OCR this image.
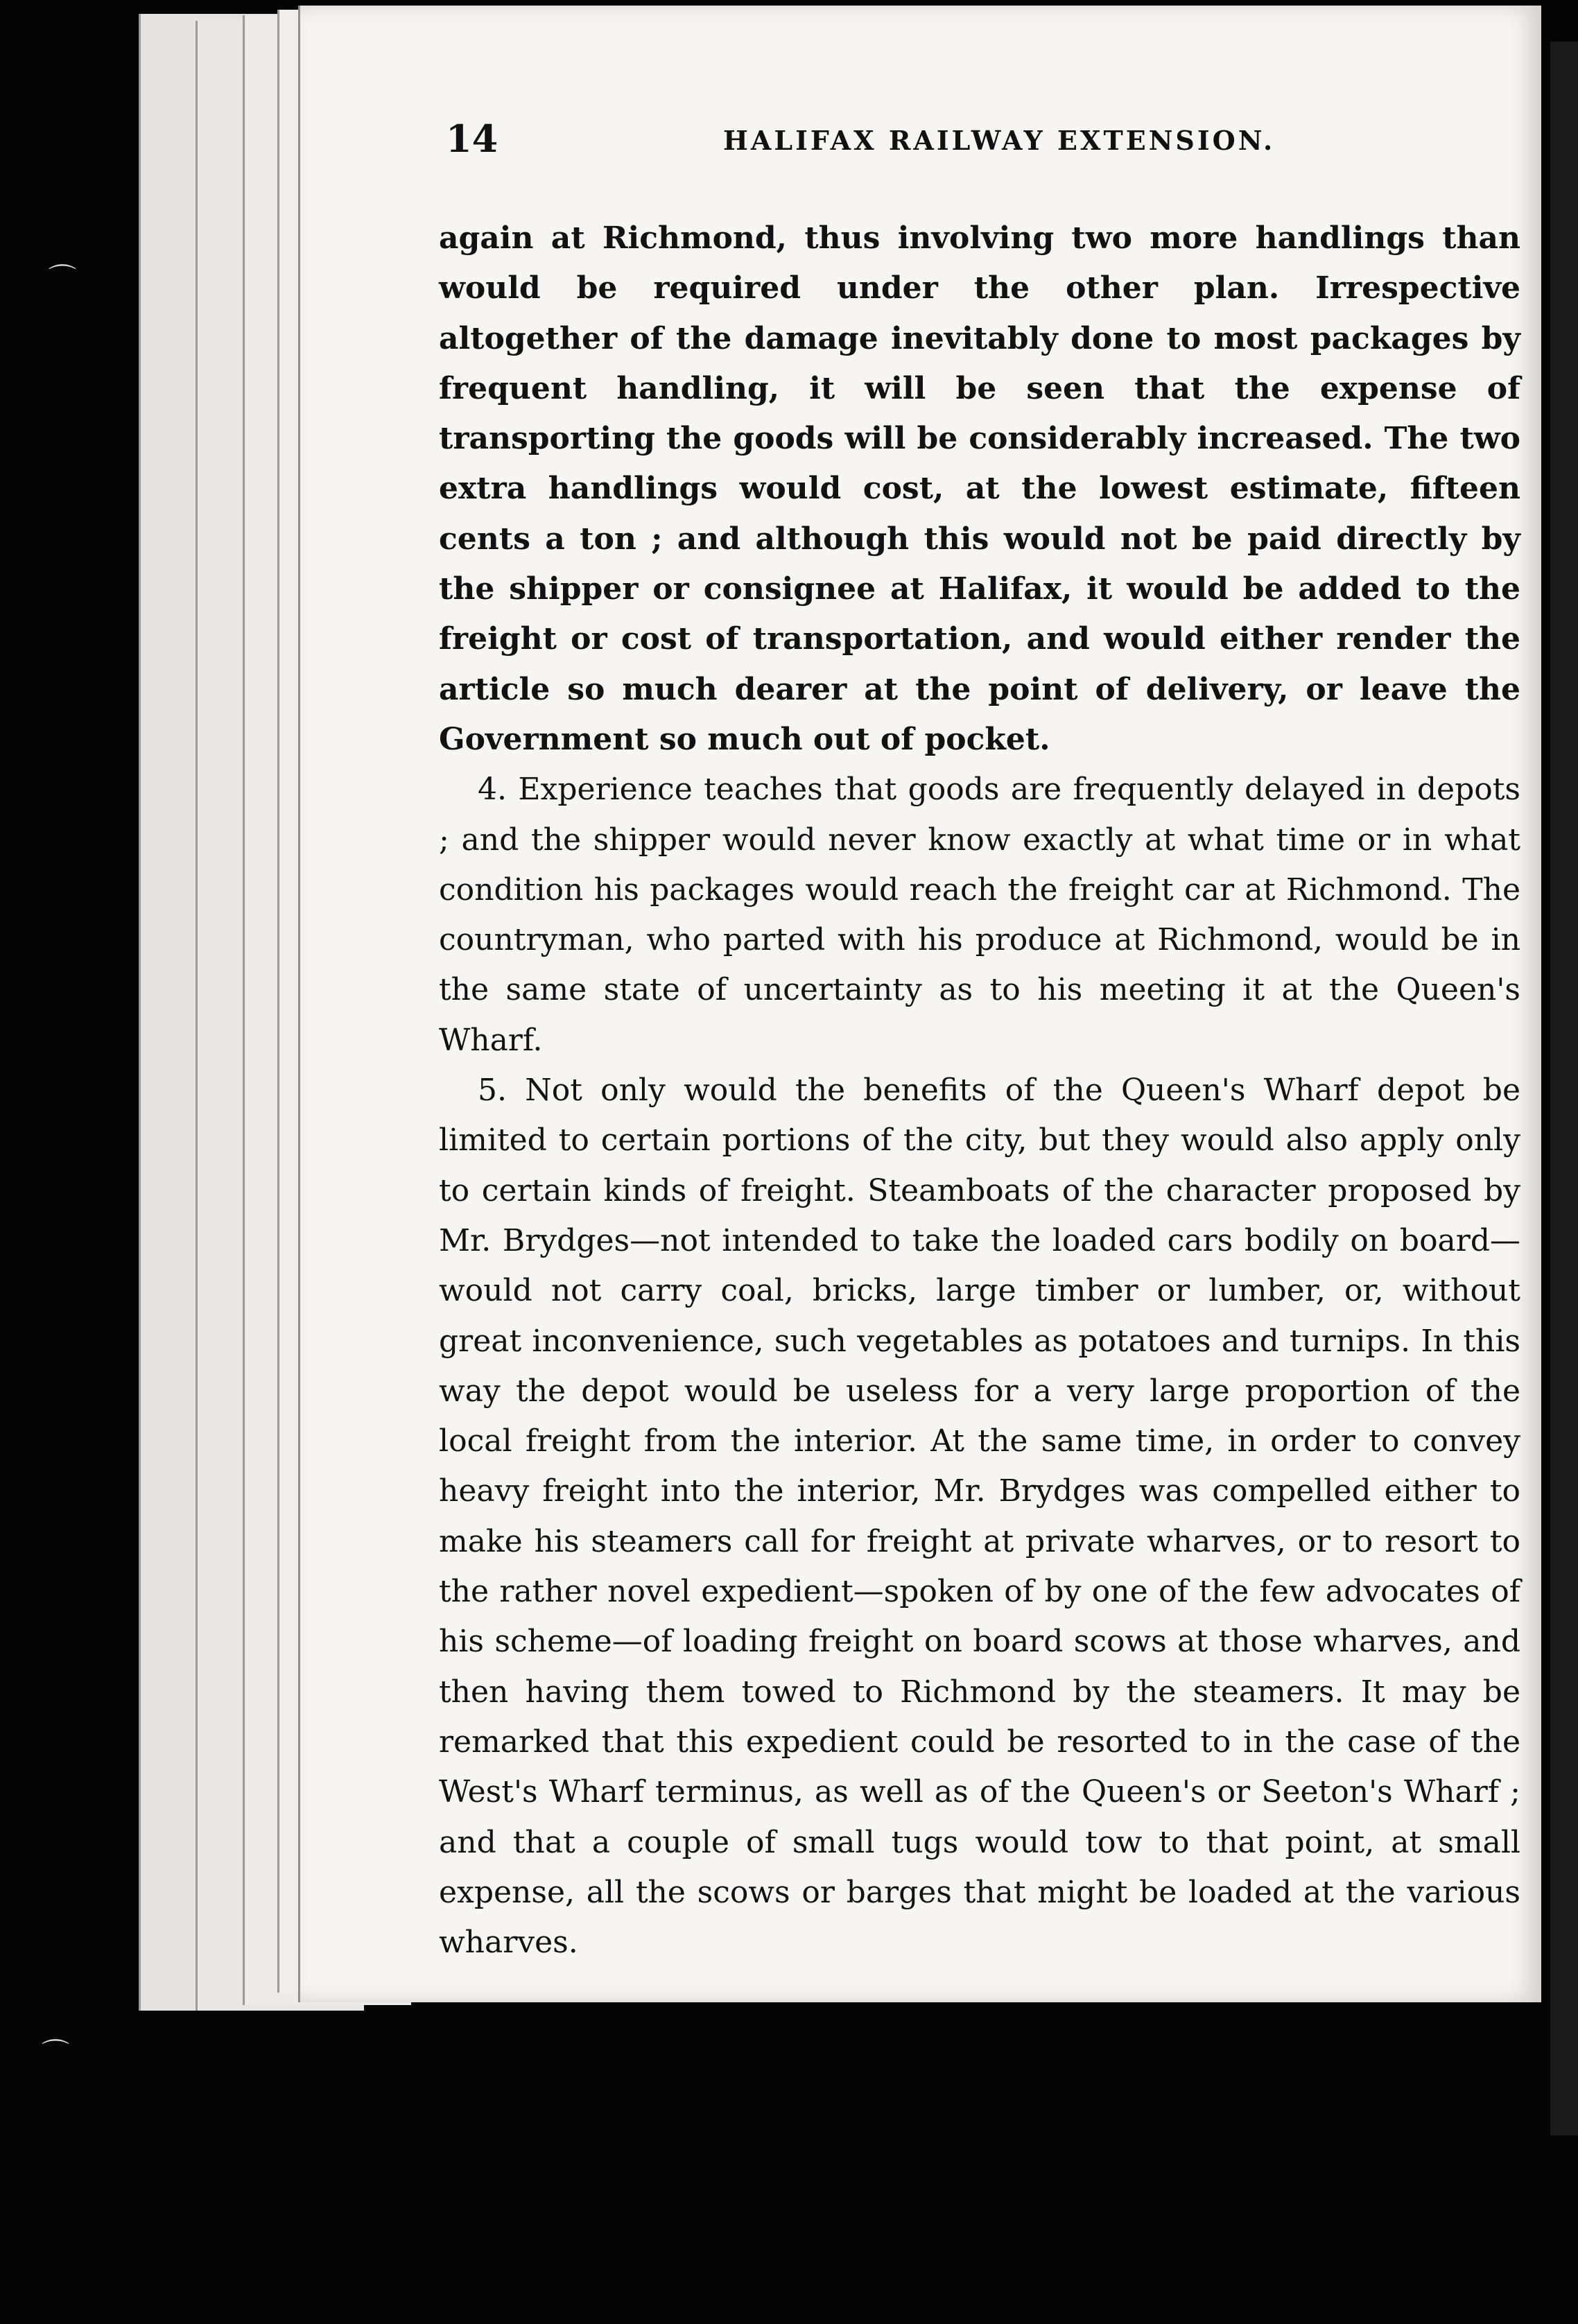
⌒
⌒
14	HALIFAX RAILWAY EXTENSION.

again at Richmond, thus involving two more handlings than would be required under the other plan. Irrespective altogether of the damage inevitably done to most packages by frequent handling, it will be seen that the expense of transporting the goods will be considerably increased. The two extra handlings would cost, at the lowest estimate, fifteen cents a ton ; and although this would not be paid directly by the shipper or consignee at Halifax, it would be added to the freight or cost of transportation, and would either render the article so much dearer at the point of delivery, or leave the Government so much out of pocket.

4. Experience teaches that goods are frequently delayed in depots ; and the shipper would never know exactly at what time or in what condition his packages would reach the freight car at Richmond. The countryman, who parted with his produce at Richmond, would be in the same state of uncertainty as to his meeting it at the Queen's Wharf.

5. Not only would the benefits of the Queen's Wharf depot be limited to certain portions of the city, but they would also apply only to certain kinds of freight. Steamboats of the character proposed by Mr. Brydges—not intended to take the loaded cars bodily on board—would not carry coal, bricks, large timber or lumber, or, without great inconvenience, such vegetables as potatoes and turnips. In this way the depot would be useless for a very large proportion of the local freight from the interior. At the same time, in order to convey heavy freight into the interior, Mr. Brydges was compelled either to make his steamers call for freight at private wharves, or to resort to the rather novel expedient—spoken of by one of the few advocates of his scheme—of loading freight on board scows at those wharves, and then having them towed to Richmond by the steamers. It may be remarked that this expedient could be resorted to in the case of the West's Wharf terminus, as well as of the Queen's or Seeton's Wharf ; and that a couple of small tugs would tow to that point, at small expense, all the scows or barges that might be loaded at the various wharves.
